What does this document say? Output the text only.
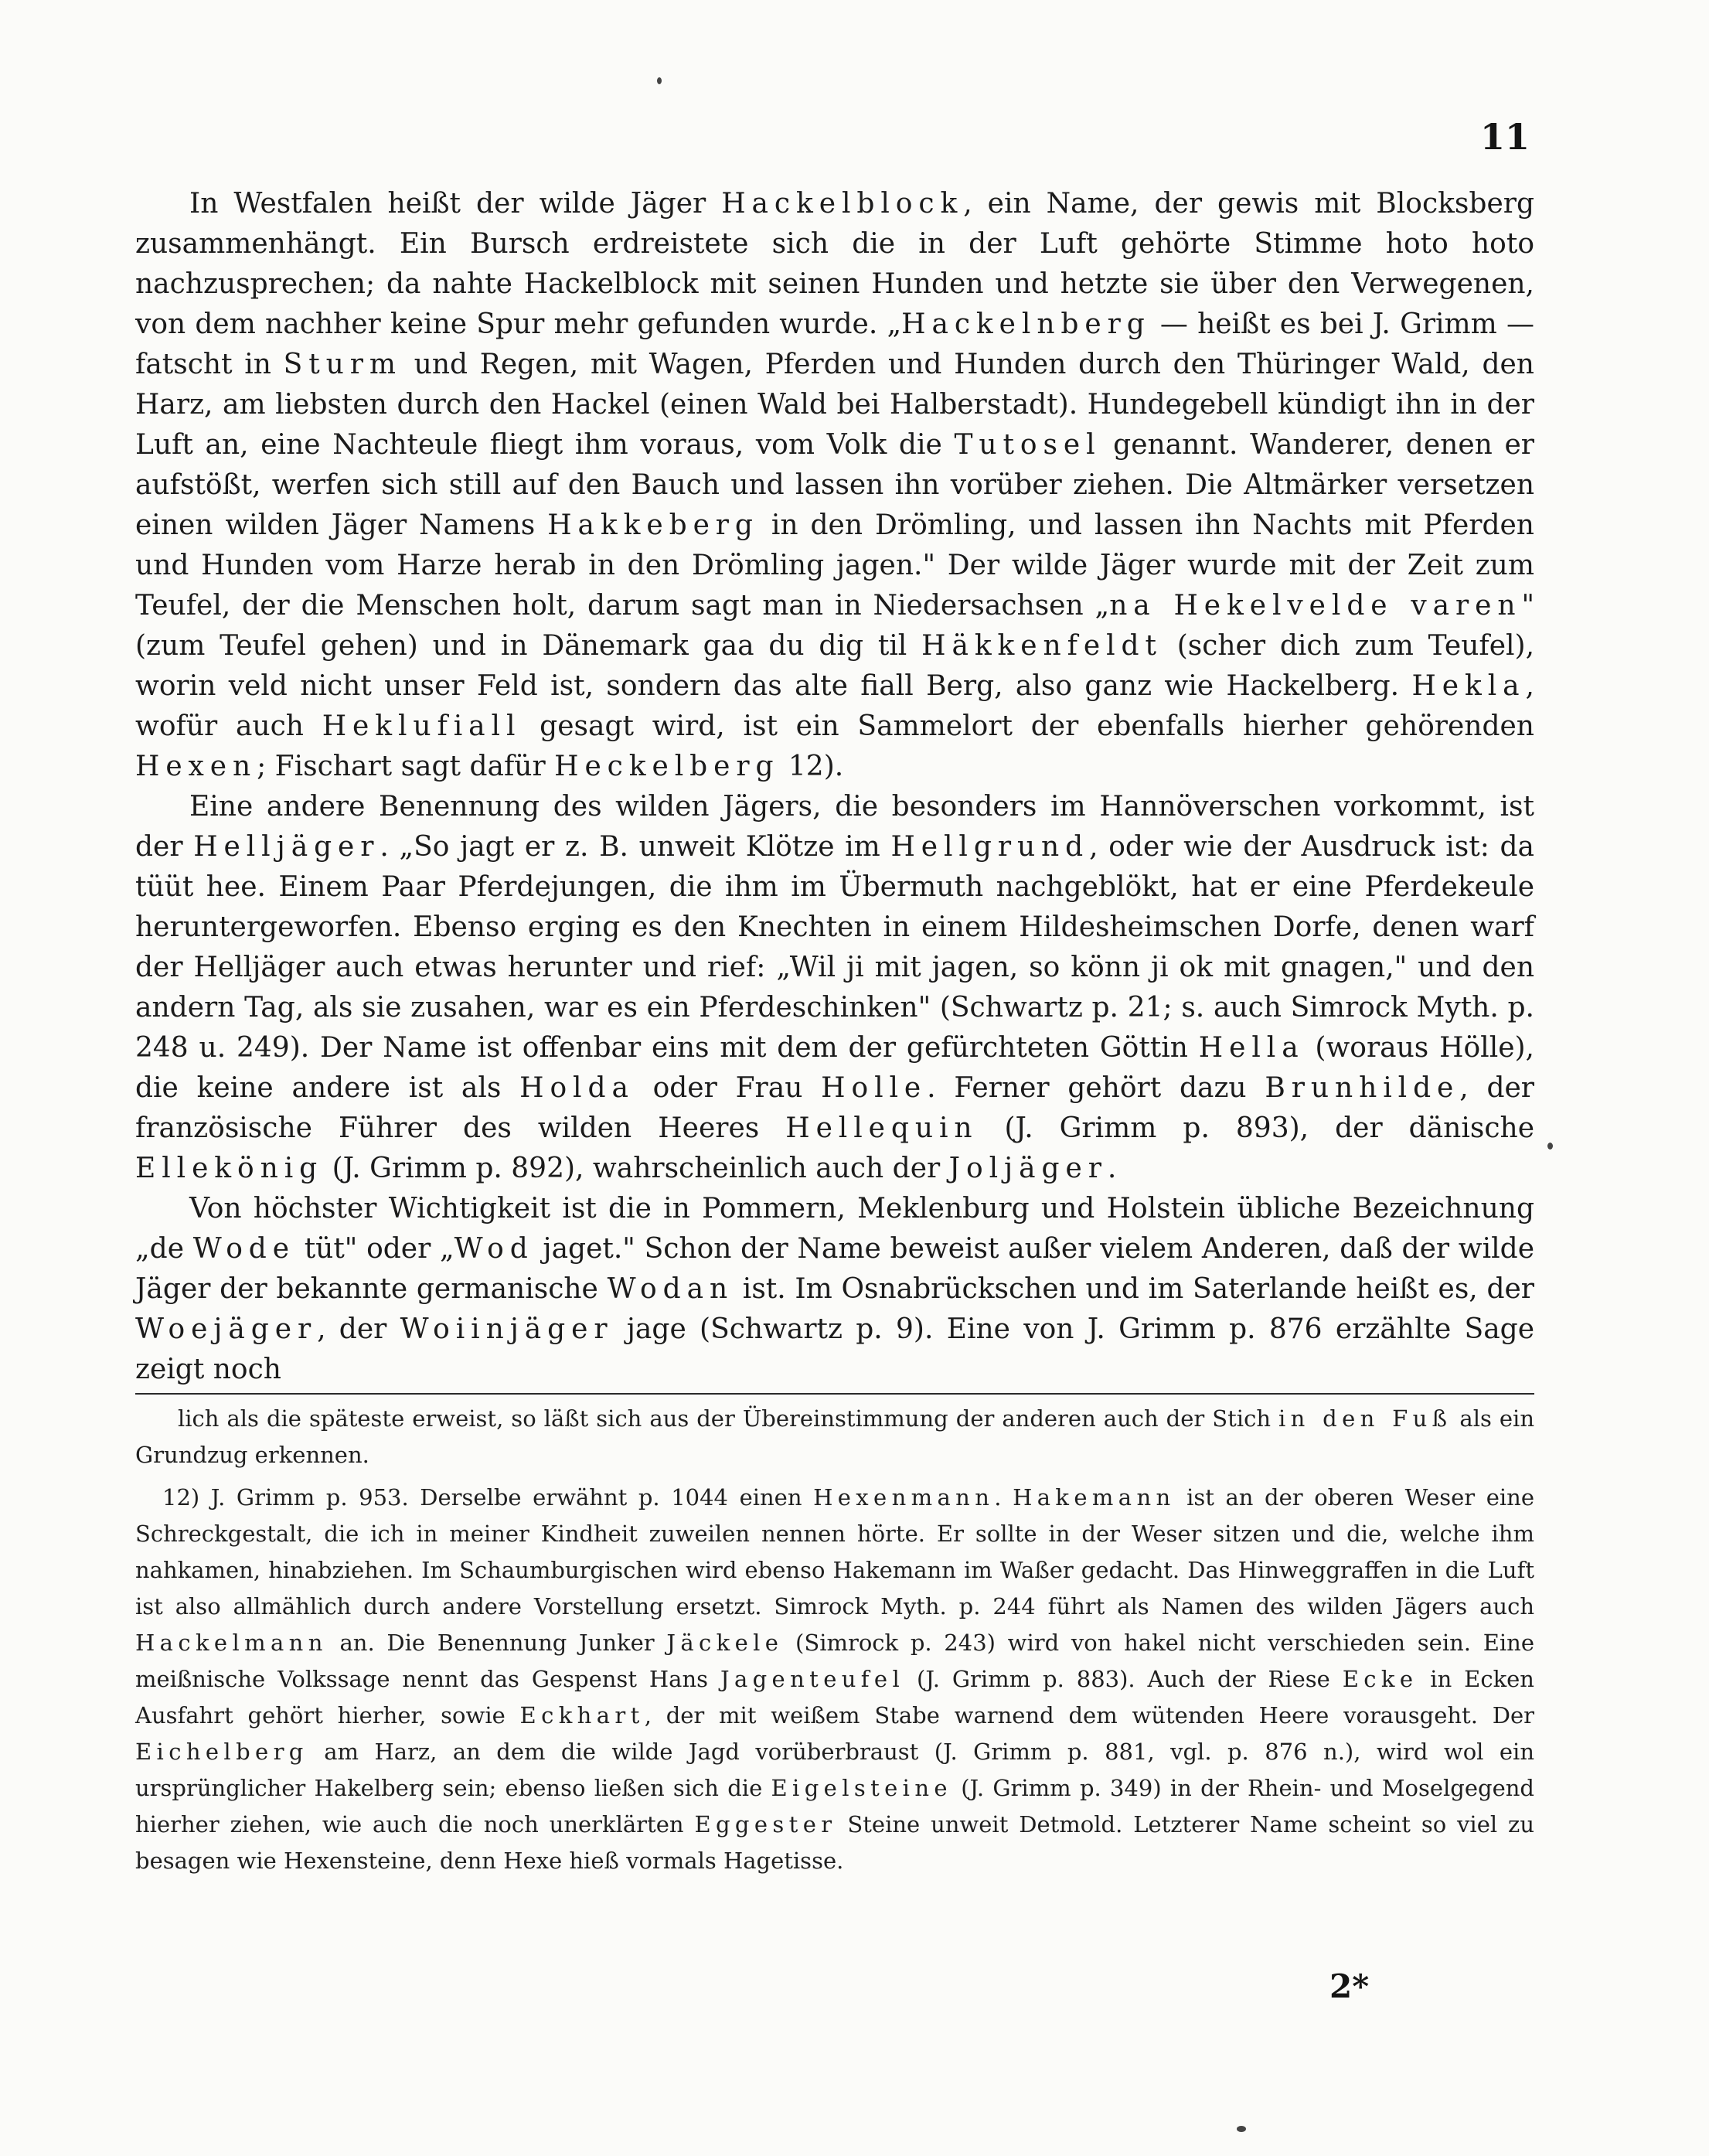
11

In Westfalen heißt der wilde Jäger Hackelblock, ein Name, der gewis mit Blocksberg zusammenhängt. Ein Bursch erdreistete sich die in der Luft gehörte Stimme hoto hoto nachzusprechen; da nahte Hackelblock mit seinen Hunden und hetzte sie über den Verwegenen, von dem nachher keine Spur mehr gefunden wurde. „Hackelnberg — heißt es bei J. Grimm — fatscht in Sturm und Regen, mit Wagen, Pferden und Hunden durch den Thüringer Wald, den Harz, am liebsten durch den Hackel (einen Wald bei Halberstadt). Hundegebell kündigt ihn in der Luft an, eine Nachteule fliegt ihm voraus, vom Volk die Tutosel genannt. Wanderer, denen er aufstößt, werfen sich still auf den Bauch und lassen ihn vorüber ziehen. Die Altmärker versetzen einen wilden Jäger Namens Hakkeberg in den Drömling, und lassen ihn Nachts mit Pferden und Hunden vom Harze herab in den Drömling jagen." Der wilde Jäger wurde mit der Zeit zum Teufel, der die Menschen holt, darum sagt man in Niedersachsen „na Hekelvelde varen" (zum Teufel gehen) und in Dänemark gaa du dig til Häkkenfeldt (scher dich zum Teufel), worin veld nicht unser Feld ist, sondern das alte fiall Berg, also ganz wie Hackelberg. Hekla, wofür auch Heklufiall gesagt wird, ist ein Sammelort der ebenfalls hierher gehörenden Hexen; Fischart sagt dafür Heckelberg 12).

Eine andere Benennung des wilden Jägers, die besonders im Hannöverschen vorkommt, ist der Helljäger. „So jagt er z. B. unweit Klötze im Hellgrund, oder wie der Ausdruck ist: da tüüt hee. Einem Paar Pferdejungen, die ihm im Übermuth nachgeblökt, hat er eine Pferdekeule heruntergeworfen. Ebenso erging es den Knechten in einem Hildesheimschen Dorfe, denen warf der Helljäger auch etwas herunter und rief: „Wil ji mit jagen, so könn ji ok mit gnagen," und den andern Tag, als sie zusahen, war es ein Pferdeschinken" (Schwartz p. 21; s. auch Simrock Myth. p. 248 u. 249). Der Name ist offenbar eins mit dem der gefürchteten Göttin Hella (woraus Hölle), die keine andere ist als Holda oder Frau Holle. Ferner gehört dazu Brunhilde, der französische Führer des wilden Heeres Hellequin (J. Grimm p. 893), der dänische Ellekönig (J. Grimm p. 892), wahrscheinlich auch der Joljäger.

Von höchster Wichtigkeit ist die in Pommern, Meklenburg und Holstein übliche Bezeichnung „de Wode tüt" oder „Wod jaget." Schon der Name beweist außer vielem Anderen, daß der wilde Jäger der bekannte germanische Wodan ist. Im Osnabrückschen und im Saterlande heißt es, der Woejäger, der Woiinjäger jage (Schwartz p. 9). Eine von J. Grimm p. 876 erzählte Sage zeigt noch

lich als die späteste erweist, so läßt sich aus der Übereinstimmung der anderen auch der Stich in den Fuß als ein Grundzug erkennen.

12) J. Grimm p. 953. Derselbe erwähnt p. 1044 einen Hexenmann. Hakemann ist an der oberen Weser eine Schreckgestalt, die ich in meiner Kindheit zuweilen nennen hörte. Er sollte in der Weser sitzen und die, welche ihm nahkamen, hinabziehen. Im Schaumburgischen wird ebenso Hakemann im Waßer gedacht. Das Hinweggraffen in die Luft ist also allmählich durch andere Vorstellung ersetzt. Simrock Myth. p. 244 führt als Namen des wilden Jägers auch Hackelmann an. Die Benennung Junker Jäckele (Simrock p. 243) wird von hakel nicht verschieden sein. Eine meißnische Volkssage nennt das Gespenst Hans Jagenteufel (J. Grimm p. 883). Auch der Riese Ecke in Ecken Ausfahrt gehört hierher, sowie Eckhart, der mit weißem Stabe warnend dem wütenden Heere vorausgeht. Der Eichelberg am Harz, an dem die wilde Jagd vorüberbraust (J. Grimm p. 881, vgl. p. 876 n.), wird wol ein ursprünglicher Hakelberg sein; ebenso ließen sich die Eigelsteine (J. Grimm p. 349) in der Rhein- und Moselgegend hierher ziehen, wie auch die noch unerklärten Eggester Steine unweit Detmold. Letzterer Name scheint so viel zu besagen wie Hexensteine, denn Hexe hieß vormals Hagetisse.

2*
